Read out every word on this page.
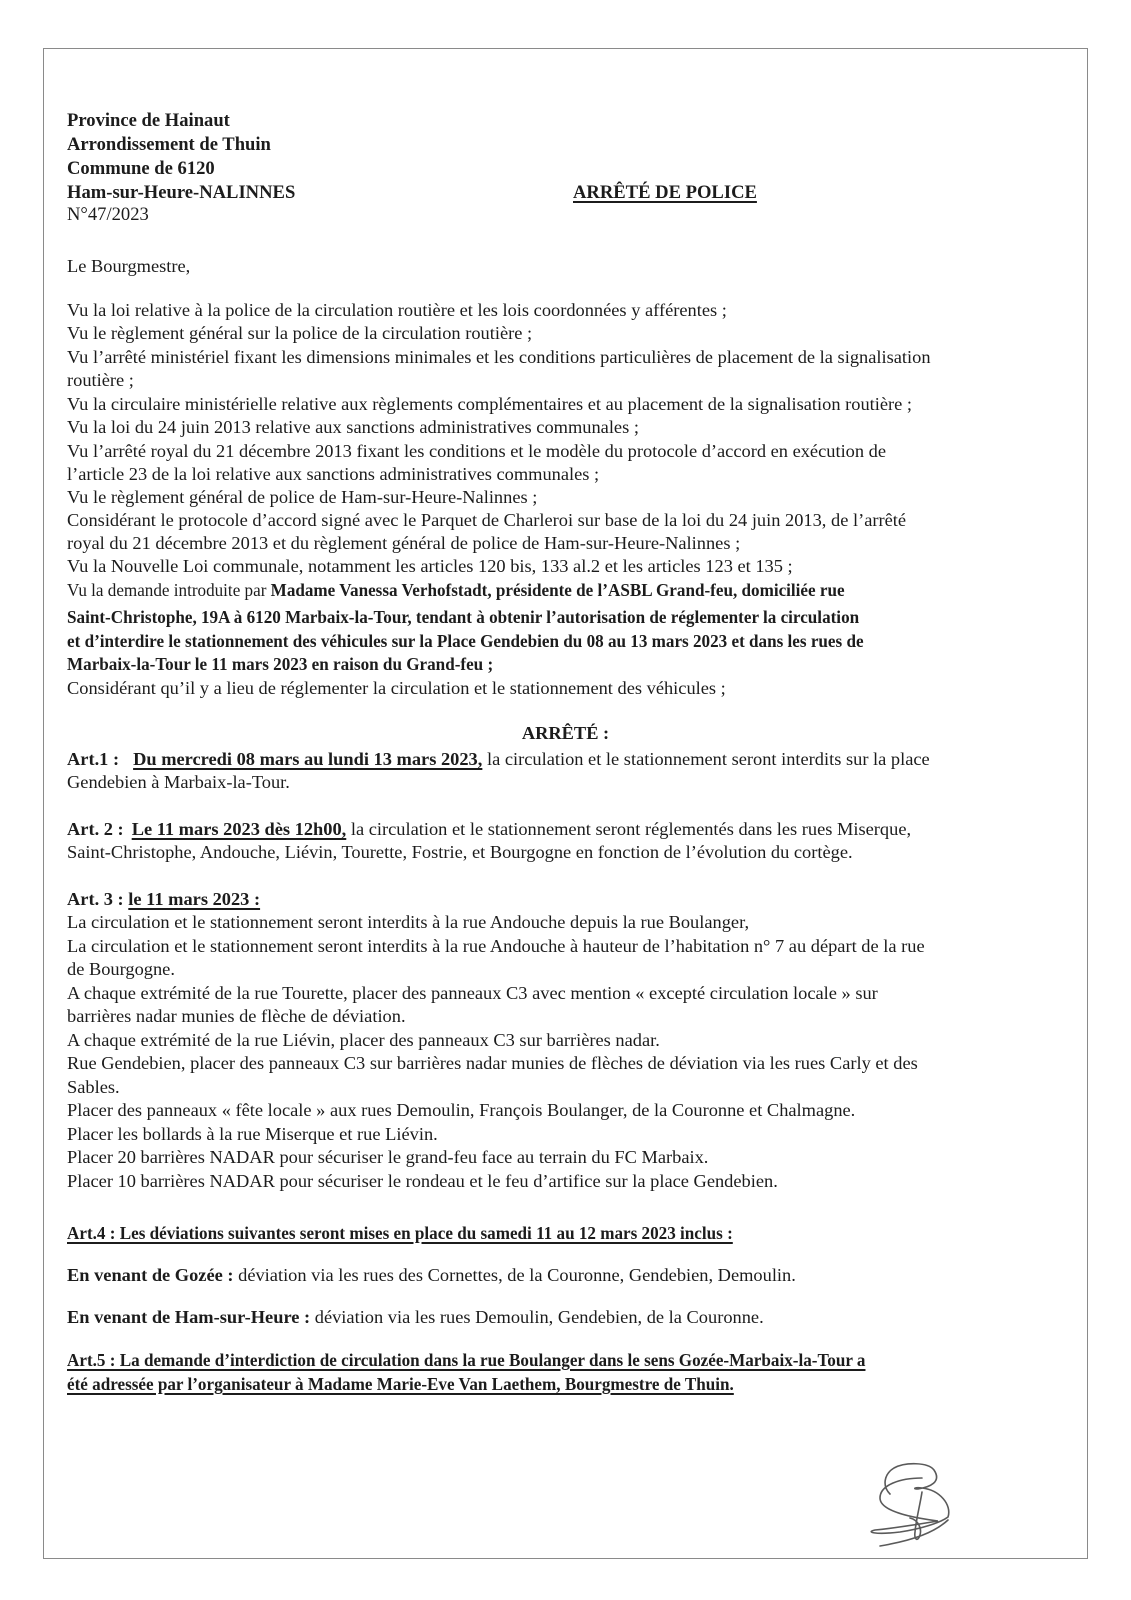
Province de Hainaut
Arrondissement de Thuin
Commune de 6120
Ham-sur-Heure-NALINNES	ARRÊTÉ DE POLICE
N°47/2023
Le Bourgmestre,
Vu la loi relative à la police de la circulation routière et les lois coordonnées y afférentes ;
Vu le règlement général sur la police de la circulation routière ;
Vu l’arrêté ministériel fixant les dimensions minimales et les conditions particulières de placement de la signalisation
routière ;
Vu la circulaire ministérielle relative aux règlements complémentaires et au placement de la signalisation routière ;
Vu la loi du 24 juin 2013 relative aux sanctions administratives communales ;
Vu l’arrêté royal du 21 décembre 2013 fixant les conditions et le modèle du protocole d’accord en exécution de
l’article 23 de la loi relative aux sanctions administratives communales ;
Vu le règlement général de police de Ham-sur-Heure-Nalinnes ;
Considérant le protocole d’accord signé avec le Parquet de Charleroi sur base de la loi du 24 juin 2013, de l’arrêté
royal du 21 décembre 2013 et du règlement général de police de Ham-sur-Heure-Nalinnes ;
Vu la Nouvelle Loi communale, notamment les articles 120 bis, 133 al.2 et les articles 123 et 135 ;
Vu la demande introduite par Madame Vanessa Verhofstadt, présidente de l’ASBL Grand-feu, domiciliée rue
Saint-Christophe, 19A à 6120 Marbaix-la-Tour, tendant à obtenir l’autorisation de réglementer la circulation
et d’interdire le stationnement des véhicules sur la Place Gendebien du 08 au 13 mars 2023 et dans les rues de
Marbaix-la-Tour le 11 mars 2023 en raison du Grand-feu ;
Considérant qu’il y a lieu de réglementer la circulation et le stationnement des véhicules ;
ARRÊTÉ :
Art.1 : Du mercredi 08 mars au lundi 13 mars 2023, la circulation et le stationnement seront interdits sur la place
Gendebien à Marbaix-la-Tour.
Art. 2 : Le 11 mars 2023 dès 12h00, la circulation et le stationnement seront réglementés dans les rues Miserque,
Saint-Christophe, Andouche, Liévin, Tourette, Fostrie, et Bourgogne en fonction de l’évolution du cortège.
Art. 3 : le 11 mars 2023 :
La circulation et le stationnement seront interdits à la rue Andouche depuis la rue Boulanger,
La circulation et le stationnement seront interdits à la rue Andouche à hauteur de l’habitation n° 7 au départ de la rue
de Bourgogne.
A chaque extrémité de la rue Tourette, placer des panneaux C3 avec mention « excepté circulation locale » sur
barrières nadar munies de flèche de déviation.
A chaque extrémité de la rue Liévin, placer des panneaux C3 sur barrières nadar.
Rue Gendebien, placer des panneaux C3 sur barrières nadar munies de flèches de déviation via les rues Carly et des
Sables.
Placer des panneaux « fête locale » aux rues Demoulin, François Boulanger, de la Couronne et Chalmagne.
Placer les bollards à la rue Miserque et rue Liévin.
Placer 20 barrières NADAR pour sécuriser le grand-feu face au terrain du FC Marbaix.
Placer 10 barrières NADAR pour sécuriser le rondeau et le feu d’artifice sur la place Gendebien.
Art.4 : Les déviations suivantes seront mises en place du samedi 11 au 12 mars 2023 inclus :
En venant de Gozée : déviation via les rues des Cornettes, de la Couronne, Gendebien, Demoulin.
En venant de Ham-sur-Heure : déviation via les rues Demoulin, Gendebien, de la Couronne.
Art.5 : La demande d’interdiction de circulation dans la rue Boulanger dans le sens Gozée-Marbaix-la-Tour a
été adressée par l’organisateur à Madame Marie-Eve Van Laethem, Bourgmestre de Thuin.
